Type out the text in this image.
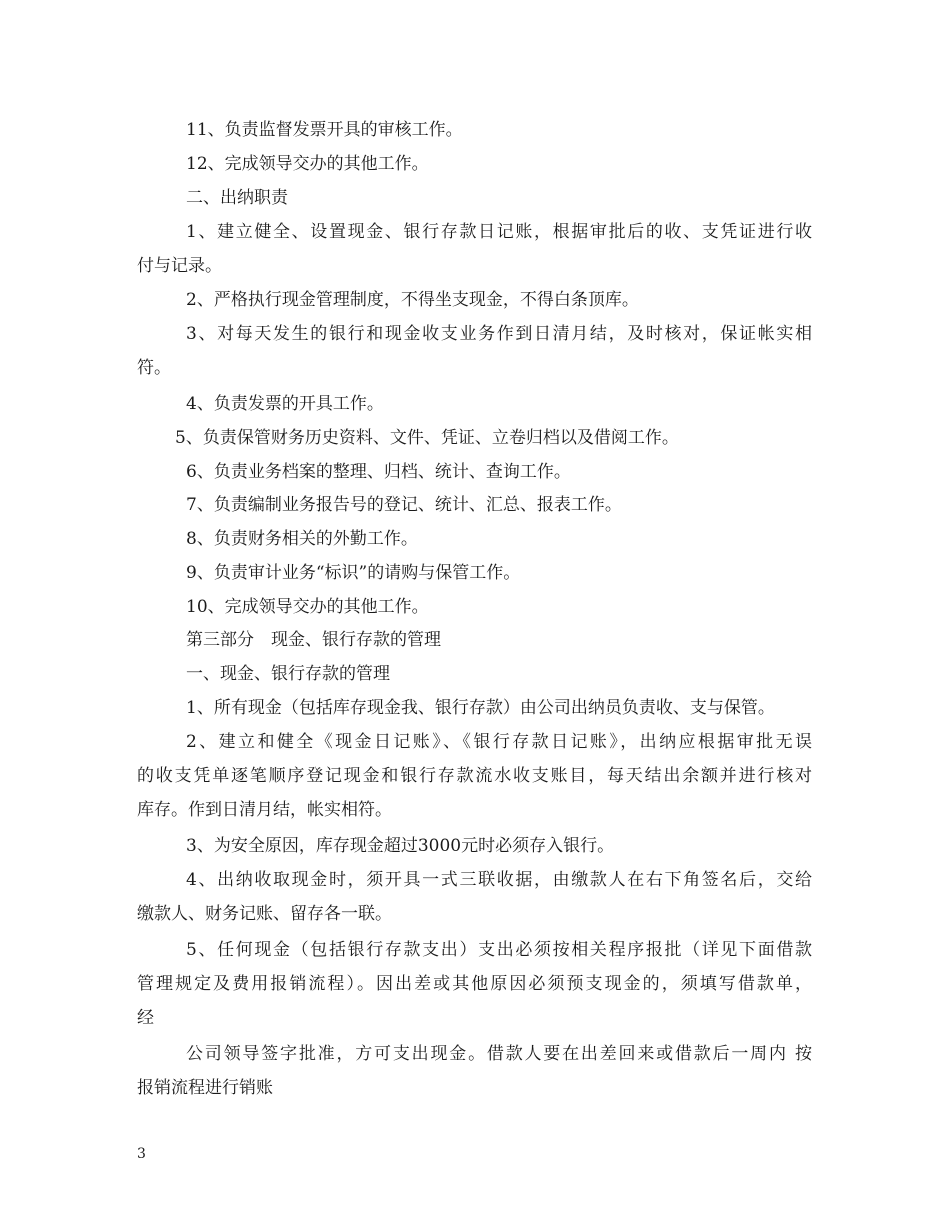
11、负责监督发票开具的审核工作。
12、完成领导交办的其他工作。
二、出纳职责
1、建立健全、设置现金、银行存款日记账，根据审批后的收、支凭证进行收
付与记录。
2、严格执行现金管理制度，不得坐支现金，不得白条顶库。
3、对每天发生的银行和现金收支业务作到日清月结，及时核对，保证帐实相
符。
4、负责发票的开具工作。
5、负责保管财务历史资料、文件、凭证、立卷归档以及借阅工作。
6、负责业务档案的整理、归档、统计、查询工作。
7、负责编制业务报告号的登记、统计、汇总、报表工作。
8、负责财务相关的外勤工作。
9、负责审计业务“标识”的请购与保管工作。
10、完成领导交办的其他工作。
第三部分　现金、银行存款的管理
一、现金、银行存款的管理
1、所有现金（包括库存现金我、银行存款）由公司出纳员负责收、支与保管。
2、建立和健全《现金日记账》、《银行存款日记账》，出纳应根据审批无误
的收支凭单逐笔顺序登记现金和银行存款流水收支账目，每天结出余额并进行核对
库存。作到日清月结，帐实相符。
3、为安全原因，库存现金超过3000元时必须存入银行。
4、出纳收取现金时，须开具一式三联收据，由缴款人在右下角签名后，交给
缴款人、财务记账、留存各一联。
5、任何现金（包括银行存款支出）支出必须按相关程序报批（详见下面借款
管理规定及费用报销流程）。因出差或其他原因必须预支现金的，须填写借款单，
经
公司领导签字批准，方可支出现金。借款人要在出差回来或借款后一周内 按
报销流程进行销账
3
